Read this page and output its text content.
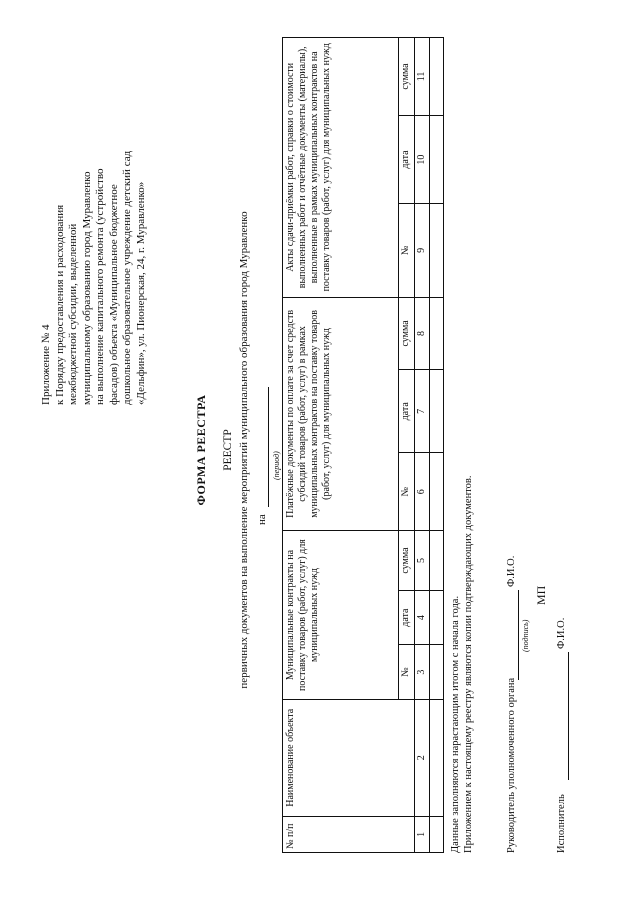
Приложение № 4 к Порядку предоставления и расходования межбюджетной субсидии, выделенной муниципальному образованию город Муравленко на выполнение капитального ремонта (устройство фасадов) объекта «Муниципальное бюджетное дошкольное образовательное учреждение детский сад «Дельфин», ул. Пионерская, 24, г. Муравленко»
ФОРМА РЕЕСТРА РЕЕСТР первичных документов на выполнение мероприятий муниципального образования город Муравленко на
(период)
№ п/п	Наименование объекта	Муниципальные контракты на поставку товаров (работ, услуг) для муниципальных нужд			Платёжные документы по оплате за счет средств субсидий товаров (работ, услуг) в рамках муниципальных контрактов на поставку товаров (работ, услуг) для муниципальных нужд			Акты сдачи-приёмки работ, справки о стоимости выполненных работ и отчётные документы (материалы), выполненные в рамках муниципальных контрактов на поставку товаров (работ, услуг) для муниципальных нужд		
		№	дата	сумма	№	дата	сумма	№	дата	сумма
1	2	3	4	5	6	7	8	9	10	11

Данные заполняются нарастающим итогом с начала года. Приложением к настоящему реестру являются копии подтверждающих документов.	Руководитель уполномоченного органа
Ф.И.О.
(подпись)
МП
Исполнитель
Ф.И.О.
